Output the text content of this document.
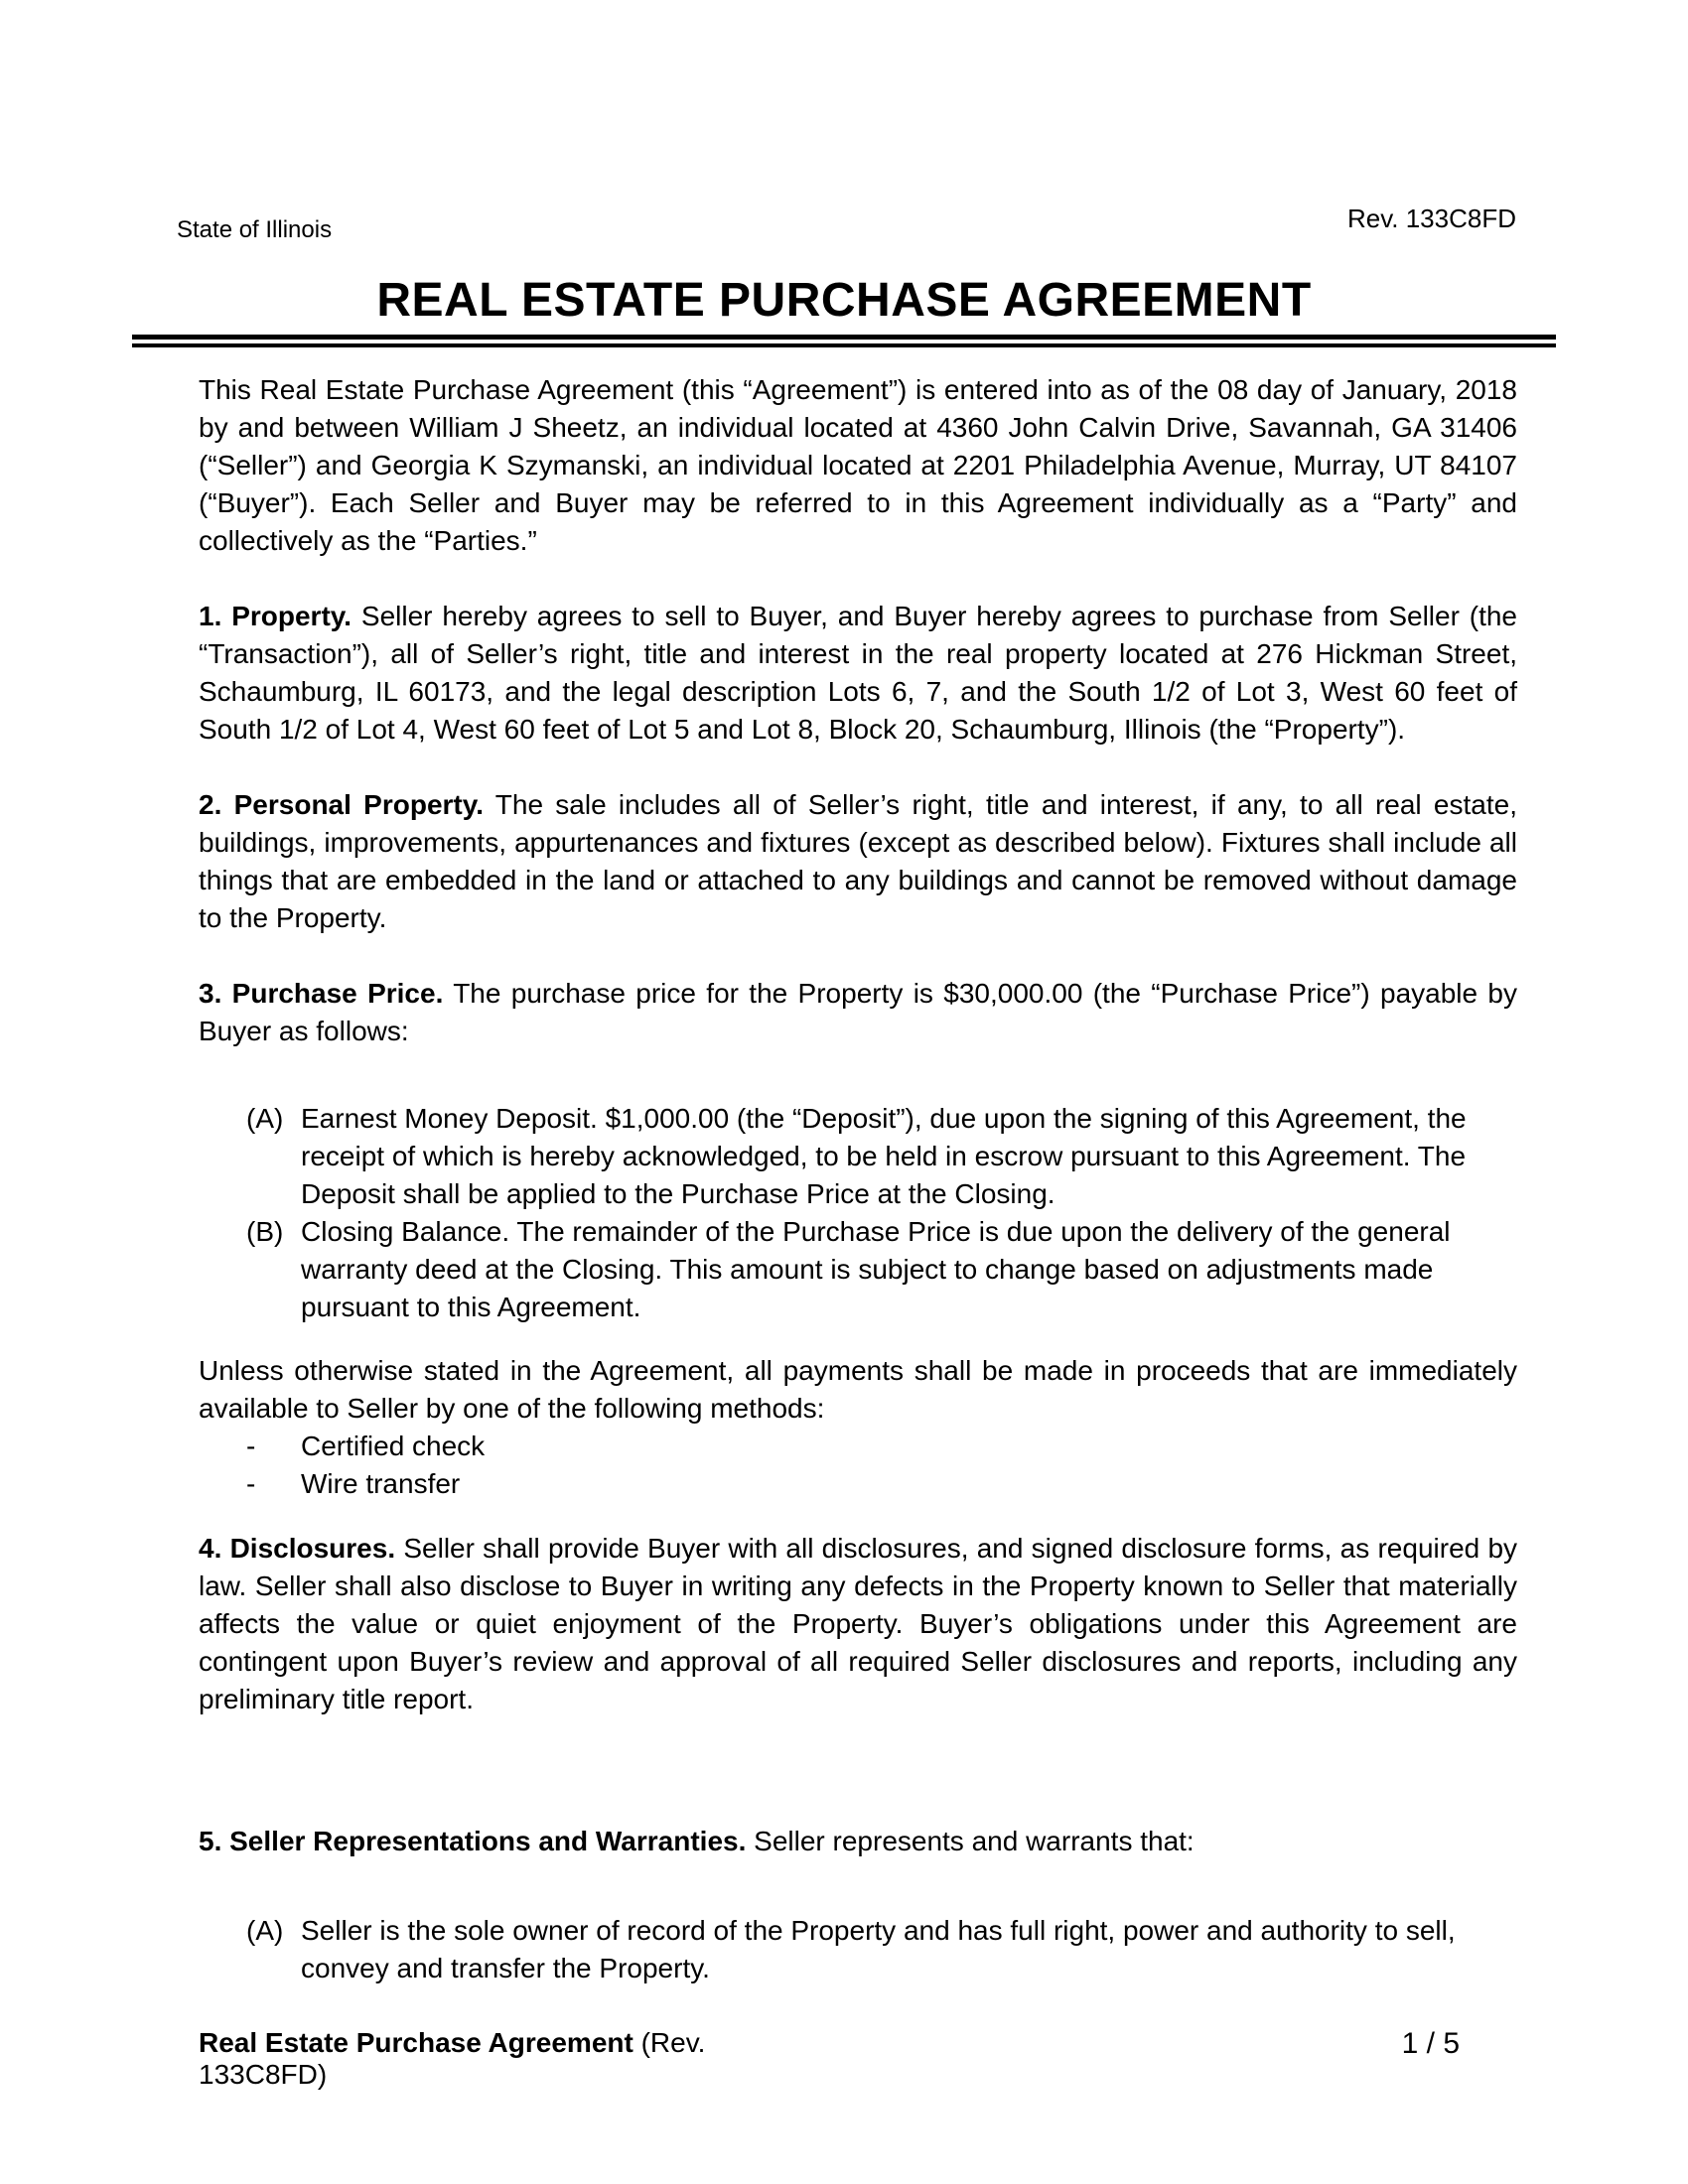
State of Illinois	Rev. 133C8FD
REAL ESTATE PURCHASE AGREEMENT

This Real Estate Purchase Agreement (this “Agreement”) is entered into as of the 08 day of January, 2018 by and between William J Sheetz, an individual located at 4360 John Calvin Drive, Savannah, GA 31406 (“Seller”) and Georgia K Szymanski, an individual located at 2201 Philadelphia Avenue, Murray, UT 84107 (“Buyer”). Each Seller and Buyer may be referred to in this Agreement individually as a “Party” and collectively as the “Parties.”

1. Property. Seller hereby agrees to sell to Buyer, and Buyer hereby agrees to purchase from Seller (the “Transaction”), all of Seller’s right, title and interest in the real property located at 276 Hickman Street, Schaumburg, IL 60173, and the legal description Lots 6, 7, and the South 1/2 of Lot 3, West 60 feet of South 1/2 of Lot 4, West 60 feet of Lot 5 and Lot 8, Block 20, Schaumburg, Illinois (the “Property”).

2. Personal Property. The sale includes all of Seller’s right, title and interest, if any, to all real estate, buildings, improvements, appurtenances and fixtures (except as described below). Fixtures shall include all things that are embedded in the land or attached to any buildings and cannot be removed without damage to the Property.

3. Purchase Price. The purchase price for the Property is $30,000.00 (the “Purchase Price”) payable by Buyer as follows:

(A) Earnest Money Deposit. $1,000.00 (the “Deposit”), due upon the signing of this Agreement, the receipt of which is hereby acknowledged, to be held in escrow pursuant to this Agreement. The Deposit shall be applied to the Purchase Price at the Closing.
(B) Closing Balance. The remainder of the Purchase Price is due upon the delivery of the general warranty deed at the Closing. This amount is subject to change based on adjustments made pursuant to this Agreement.

Unless otherwise stated in the Agreement, all payments shall be made in proceeds that are immediately available to Seller by one of the following methods:

-	Certified check
-	Wire transfer

4. Disclosures. Seller shall provide Buyer with all disclosures, and signed disclosure forms, as required by law. Seller shall also disclose to Buyer in writing any defects in the Property known to Seller that materially affects the value or quiet enjoyment of the Property. Buyer’s obligations under this Agreement are contingent upon Buyer’s review and approval of all required Seller disclosures and reports, including any preliminary title report.

5. Seller Representations and Warranties. Seller represents and warrants that:

(A) Seller is the sole owner of record of the Property and has full right, power and authority to sell, convey and transfer the Property.
Real Estate Purchase Agreement (Rev. 133C8FD)
1 / 5
